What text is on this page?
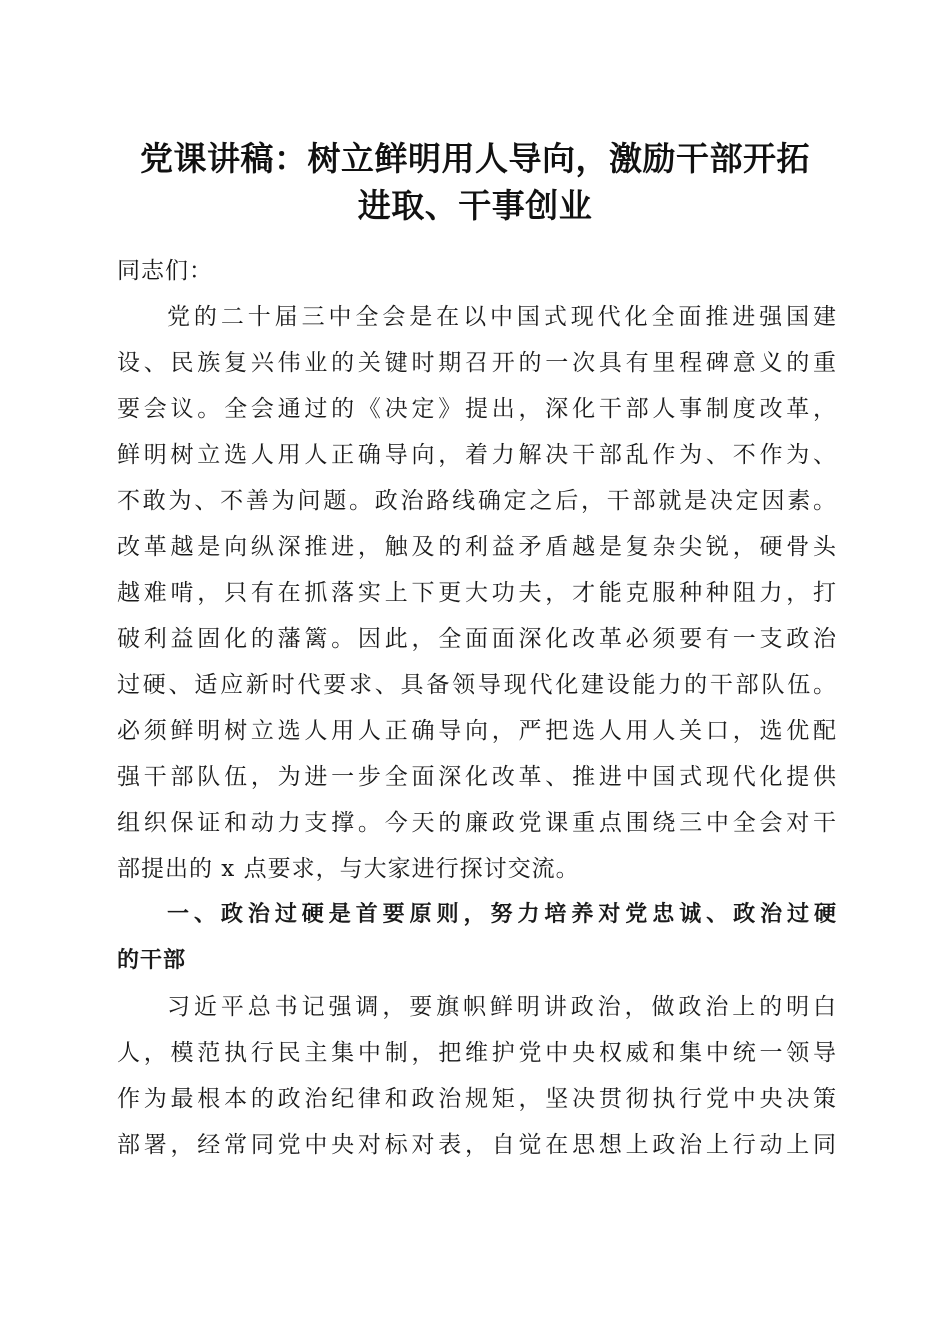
党课讲稿：树立鲜明用人导向，激励干部开拓
进取、干事创业
同志们：
党的二十届三中全会是在以中国式现代化全面推进强国建
设、民族复兴伟业的关键时期召开的一次具有里程碑意义的重
要会议。全会通过的《决定》提出，深化干部人事制度改革，
鲜明树立选人用人正确导向，着力解决干部乱作为、不作为、
不敢为、不善为问题。政治路线确定之后，干部就是决定因素。
改革越是向纵深推进，触及的利益矛盾越是复杂尖锐，硬骨头
越难啃，只有在抓落实上下更大功夫，才能克服种种阻力，打
破利益固化的藩篱。因此，全面面深化改革必须要有一支政治
过硬、适应新时代要求、具备领导现代化建设能力的干部队伍。
必须鲜明树立选人用人正确导向，严把选人用人关口，选优配
强干部队伍，为进一步全面深化改革、推进中国式现代化提供
组织保证和动力支撑。今天的廉政党课重点围绕三中全会对干
部提出的 x 点要求，与大家进行探讨交流。
一、政治过硬是首要原则，努力培养对党忠诚、政治过硬
的干部
习近平总书记强调，要旗帜鲜明讲政治，做政治上的明白
人，模范执行民主集中制，把维护党中央权威和集中统一领导
作为最根本的政治纪律和政治规矩，坚决贯彻执行党中央决策
部署，经常同党中央对标对表，自觉在思想上政治上行动上同
